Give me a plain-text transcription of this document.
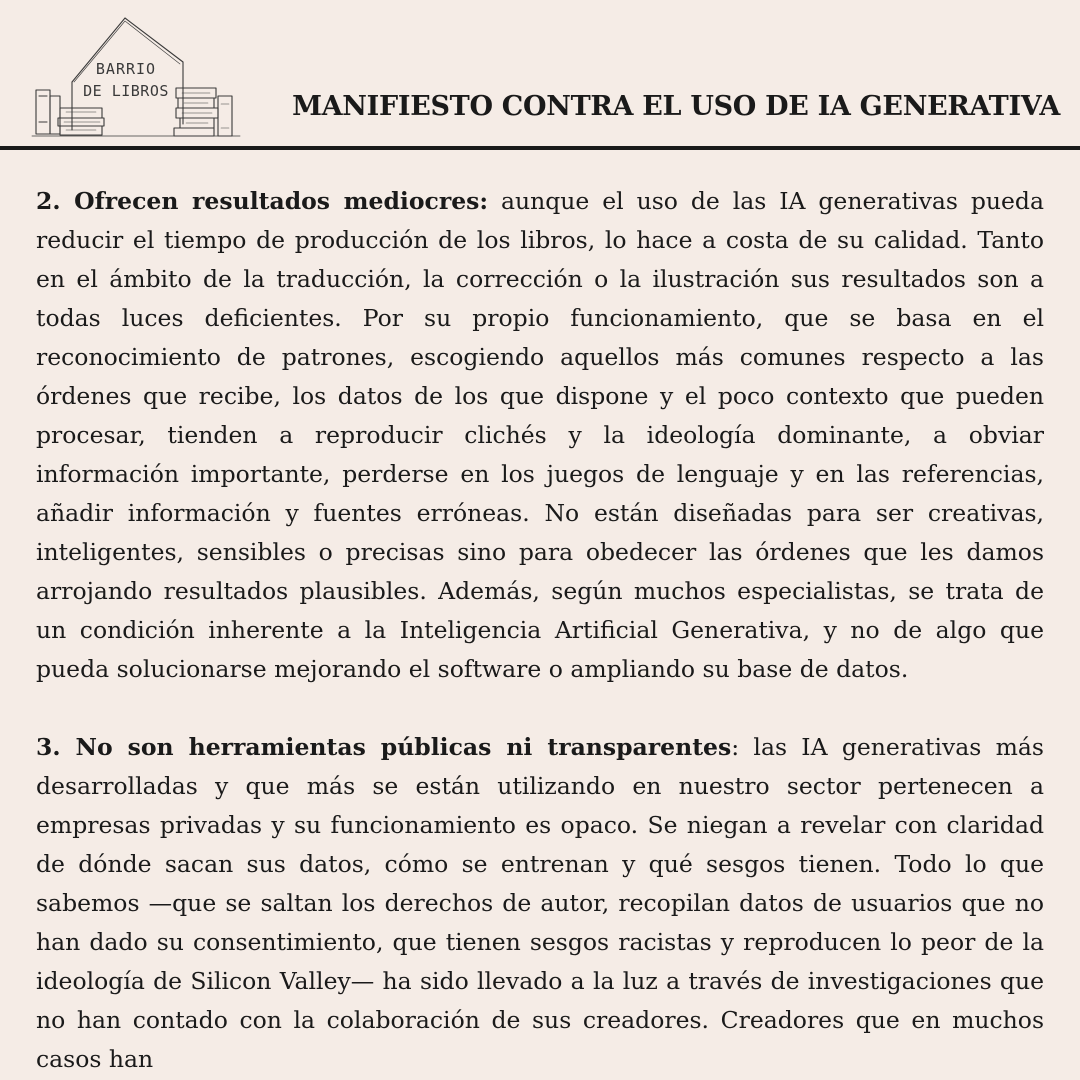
BARRIO
DE LIBROS	MANIFIESTO CONTRA EL USO DE IA GENERATIVA

2. Ofrecen resultados mediocres: aunque el uso de las IA generativas pueda reducir el tiempo de producción de los libros, lo hace a costa de su calidad. Tanto en el ámbito de la traducción, la corrección o la ilustración sus resultados son a todas luces deficientes. Por su propio funcionamiento, que se basa en el reconocimiento de patrones, escogiendo aquellos más comunes respecto a las órdenes que recibe, los datos de los que dispone y el poco contexto que pueden procesar, tienden a reproducir clichés y la ideología dominante, a obviar información importante, perderse en los juegos de lenguaje y en las referencias, añadir información y fuentes erróneas. No están diseñadas para ser creativas, inteligentes, sensibles o precisas sino para obedecer las órdenes que les damos arrojando resultados plausibles. Además, según muchos especialistas, se trata de un condición inherente a la Inteligencia Artificial Generativa, y no de algo que pueda solucionarse mejorando el software o ampliando su base de datos.

3. No son herramientas públicas ni transparentes: las IA generativas más desarrolladas y que más se están utilizando en nuestro sector pertenecen a empresas privadas y su funcionamiento es opaco. Se niegan a revelar con claridad de dónde sacan sus datos, cómo se entrenan y qué sesgos tienen. Todo lo que sabemos —que se saltan los derechos de autor, recopilan datos de usuarios que no han dado su consentimiento, que tienen sesgos racistas y reproducen lo peor de la ideología de Silicon Valley— ha sido llevado a la luz a través de investigaciones que no han contado con la colaboración de sus creadores. Creadores que en muchos casos han
